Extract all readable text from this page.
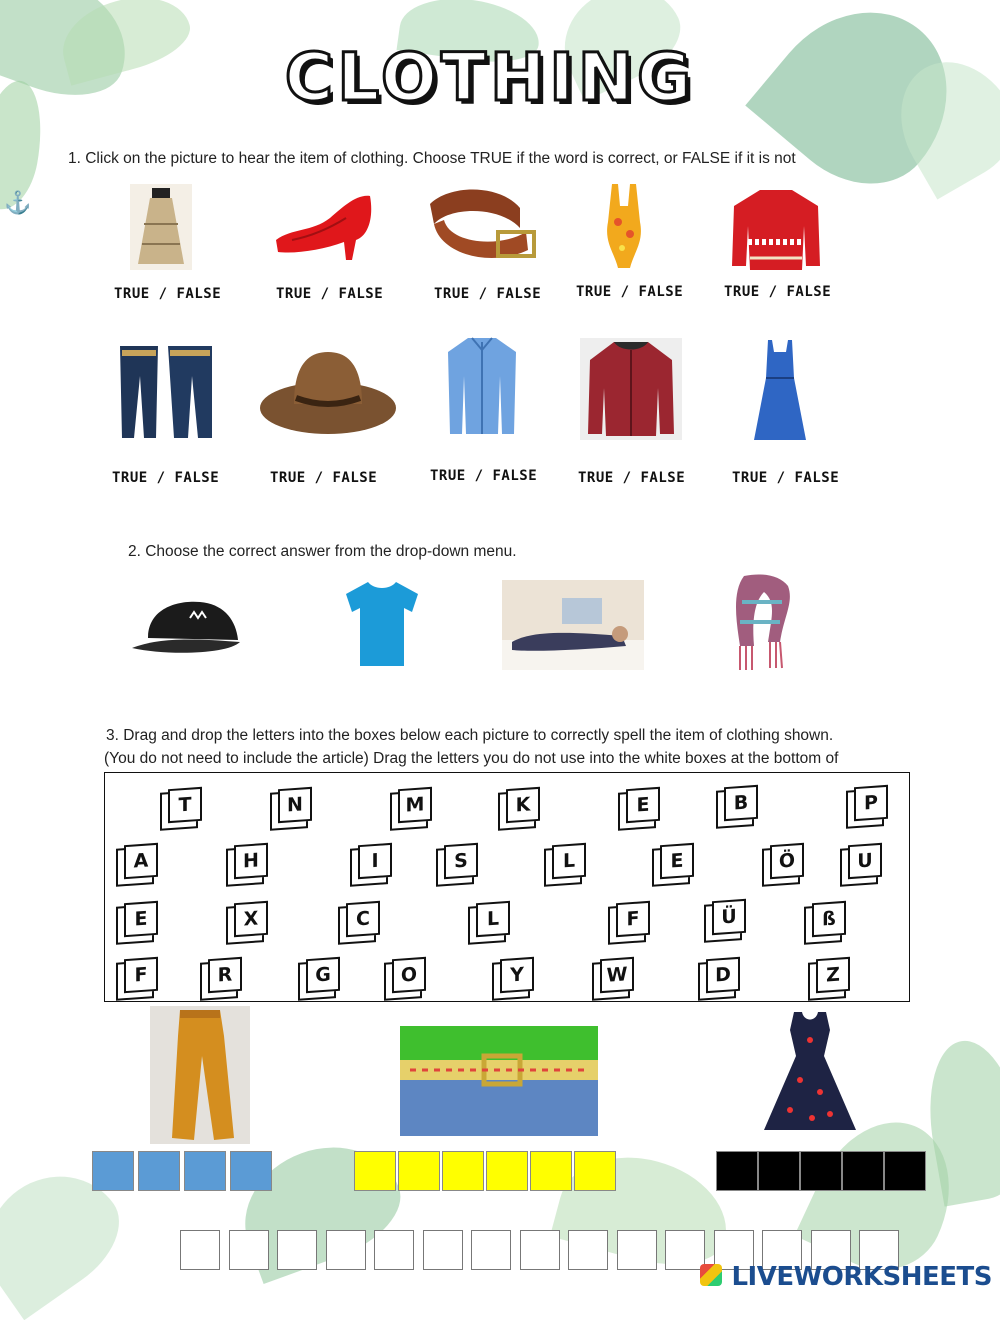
CLOTHING
⚓
1. Click on the picture to hear the item of clothing. Choose TRUE if the word is correct, or FALSE if it is not
TRUE / FALSE	TRUE / FALSE	TRUE / FALSE TRUE / FALSE	TRUE / FALSE
TRUE / FALSE	TRUE / FALSE	TRUE / FALSE	TRUE / FALSE	TRUE / FALSE
2. Choose the correct answer from the drop-down menu.
3. Drag and drop the letters into the boxes below each picture to correctly spell the item of clothing shown.
(You do not need to include the article) Drag the letters you do not use into the white boxes at the bottom of
T	N	M	K	E	B	P
A	H	I	S	L	E	Ö	U
E	X	C	L	F	Ü	ß
F	R	G	O	Y	W	D	Z
LIVEWORKSHEETS
